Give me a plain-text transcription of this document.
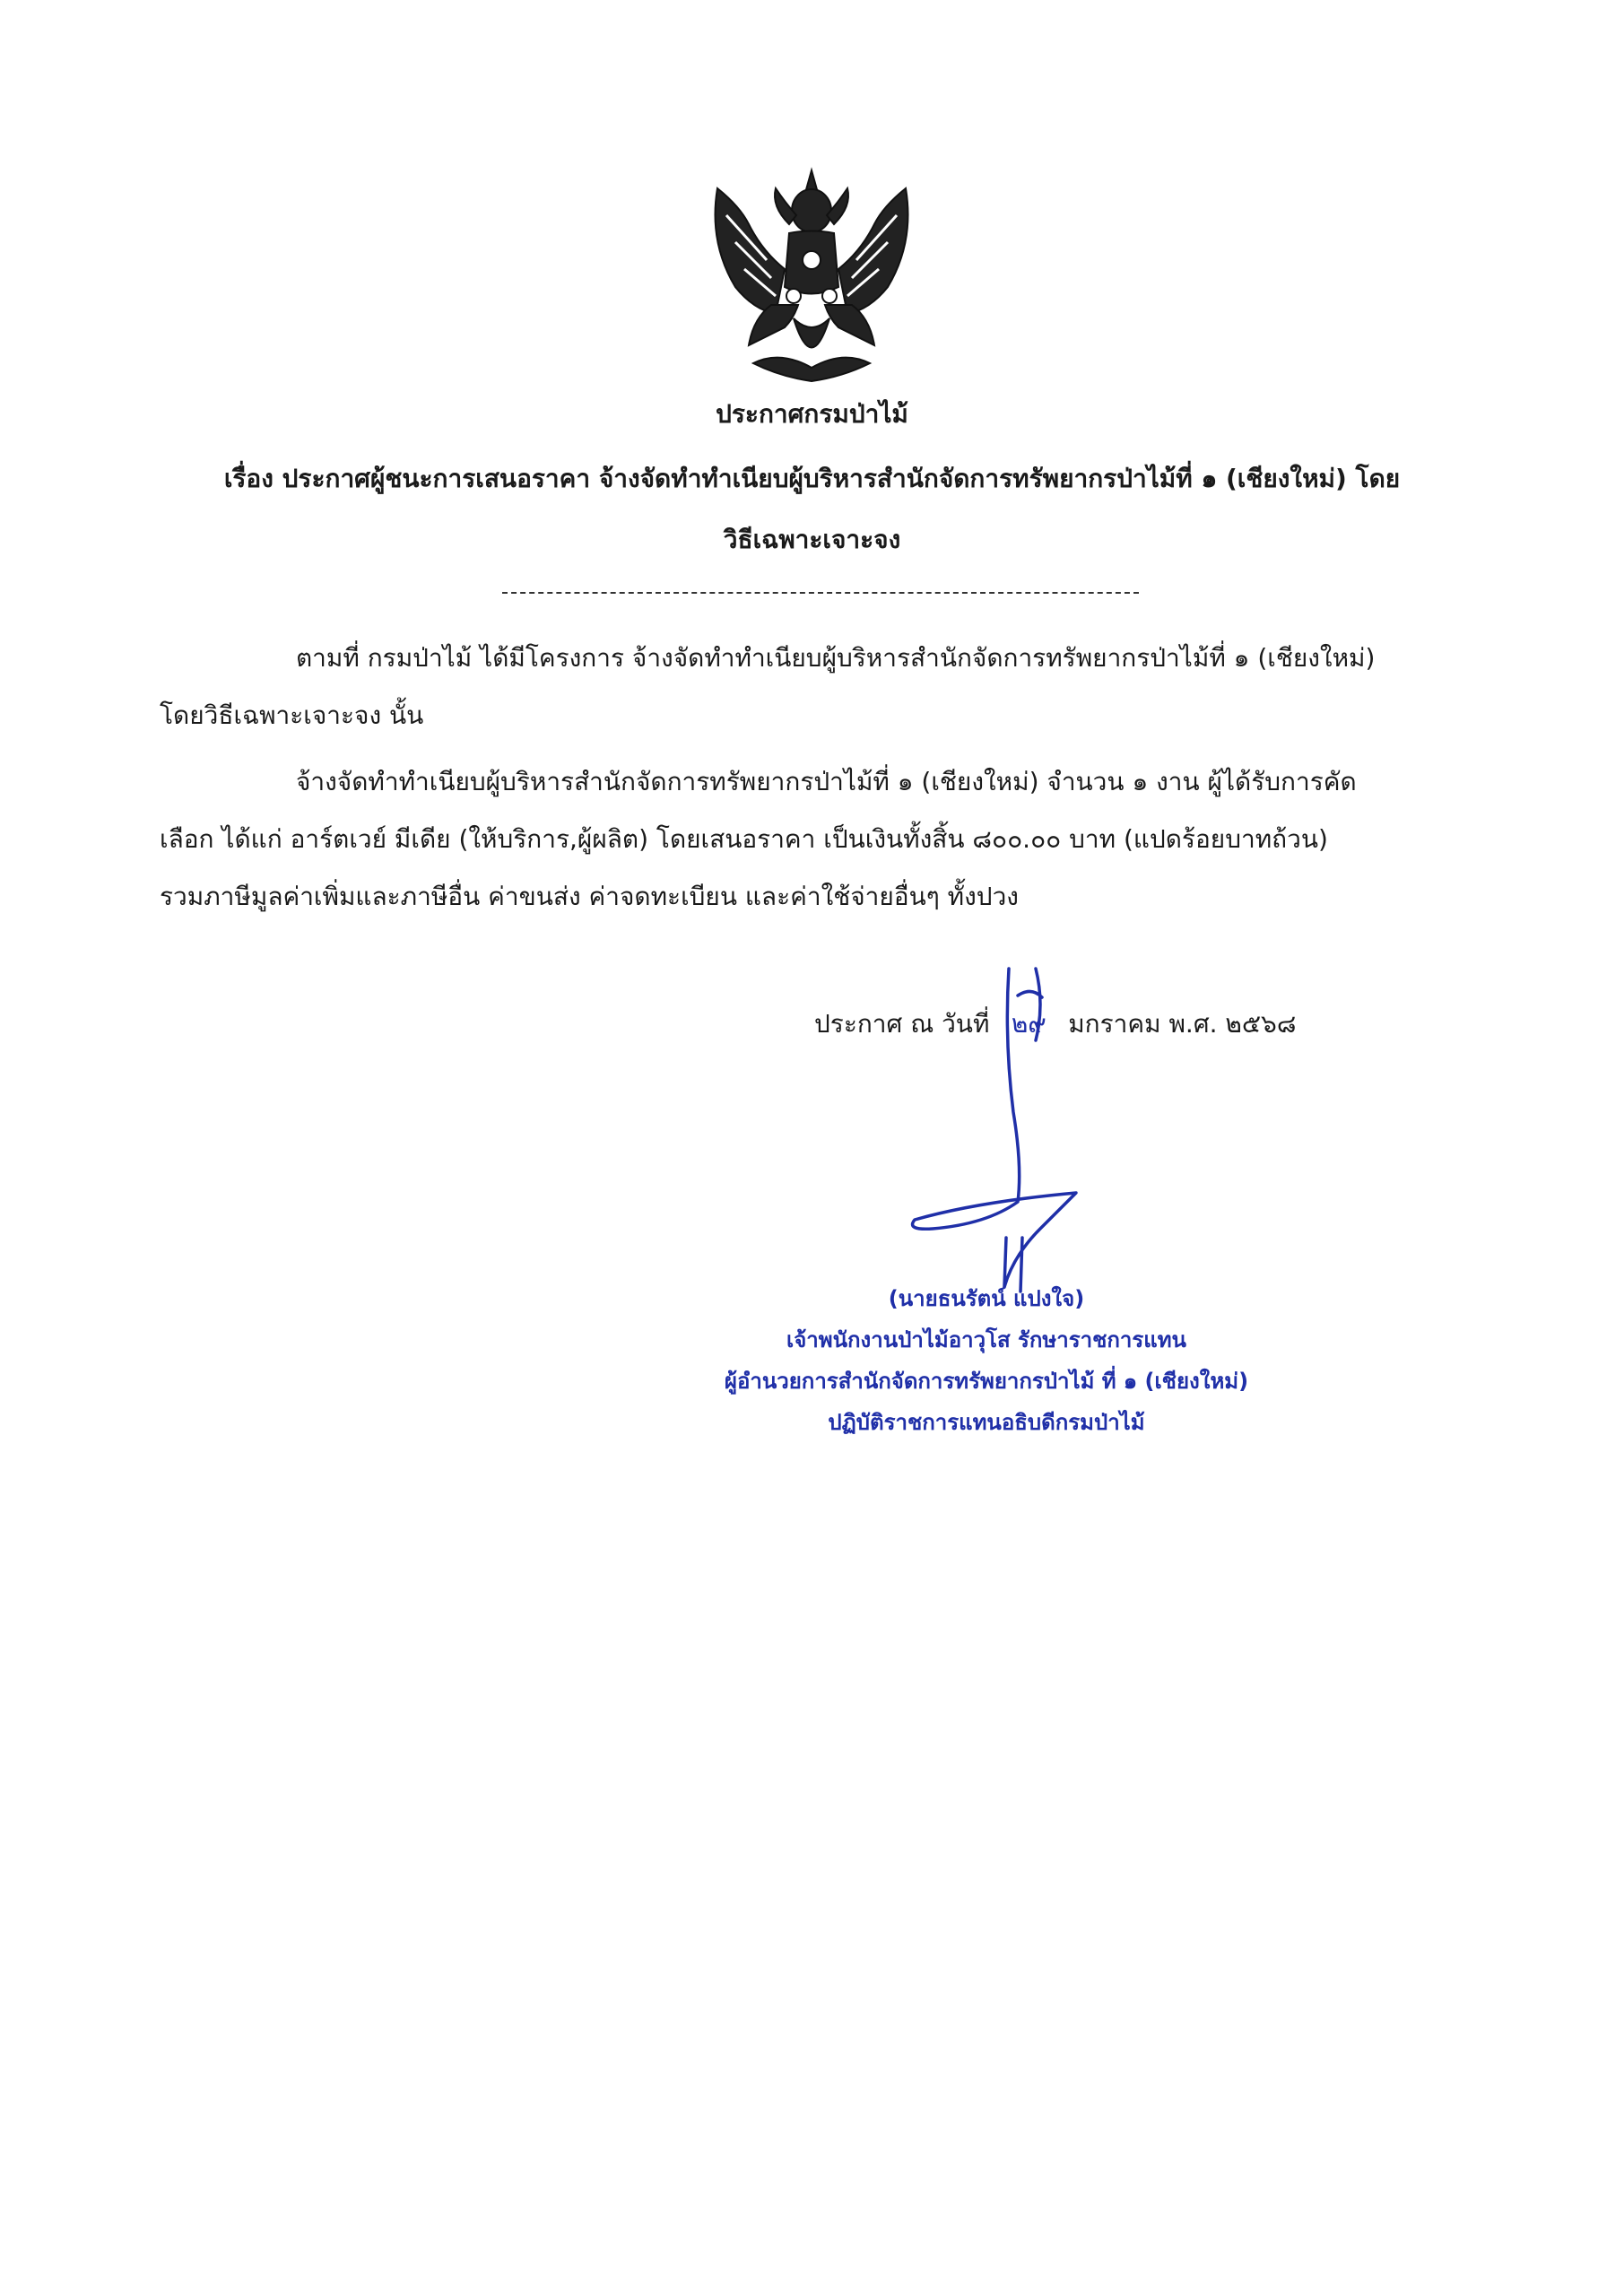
ประกาศกรมป่าไม้
เรื่อง ประกาศผู้ชนะการเสนอราคา จ้างจัดทำทำเนียบผู้บริหารสำนักจัดการทรัพยากรป่าไม้ที่ ๑ (เชียงใหม่) โดย
วิธีเฉพาะเจาะจง
ตามที่ กรมป่าไม้ ได้มีโครงการ จ้างจัดทำทำเนียบผู้บริหารสำนักจัดการทรัพยากรป่าไม้ที่ ๑ (เชียงใหม่)
โดยวิธีเฉพาะเจาะจง นั้น
จ้างจัดทำทำเนียบผู้บริหารสำนักจัดการทรัพยากรป่าไม้ที่ ๑ (เชียงใหม่) จำนวน ๑ งาน ผู้ได้รับการคัด
เลือก ได้แก่ อาร์ตเวย์ มีเดีย (ให้บริการ,ผู้ผลิต) โดยเสนอราคา เป็นเงินทั้งสิ้น ๘๐๐.๐๐ บาท (แปดร้อยบาทถ้วน)
รวมภาษีมูลค่าเพิ่มและภาษีอื่น ค่าขนส่ง ค่าจดทะเบียน และค่าใช้จ่ายอื่นๆ ทั้งปวง
ประกาศ ณ วันที่ ๒๙ มกราคม พ.ศ. ๒๕๖๘
(นายธนรัตน์ แปงใจ)
เจ้าพนักงานป่าไม้อาวุโส รักษาราชการแทน
ผู้อำนวยการสำนักจัดการทรัพยากรป่าไม้ ที่ ๑ (เชียงใหม่)
ปฏิบัติราชการแทนอธิบดีกรมป่าไม้
